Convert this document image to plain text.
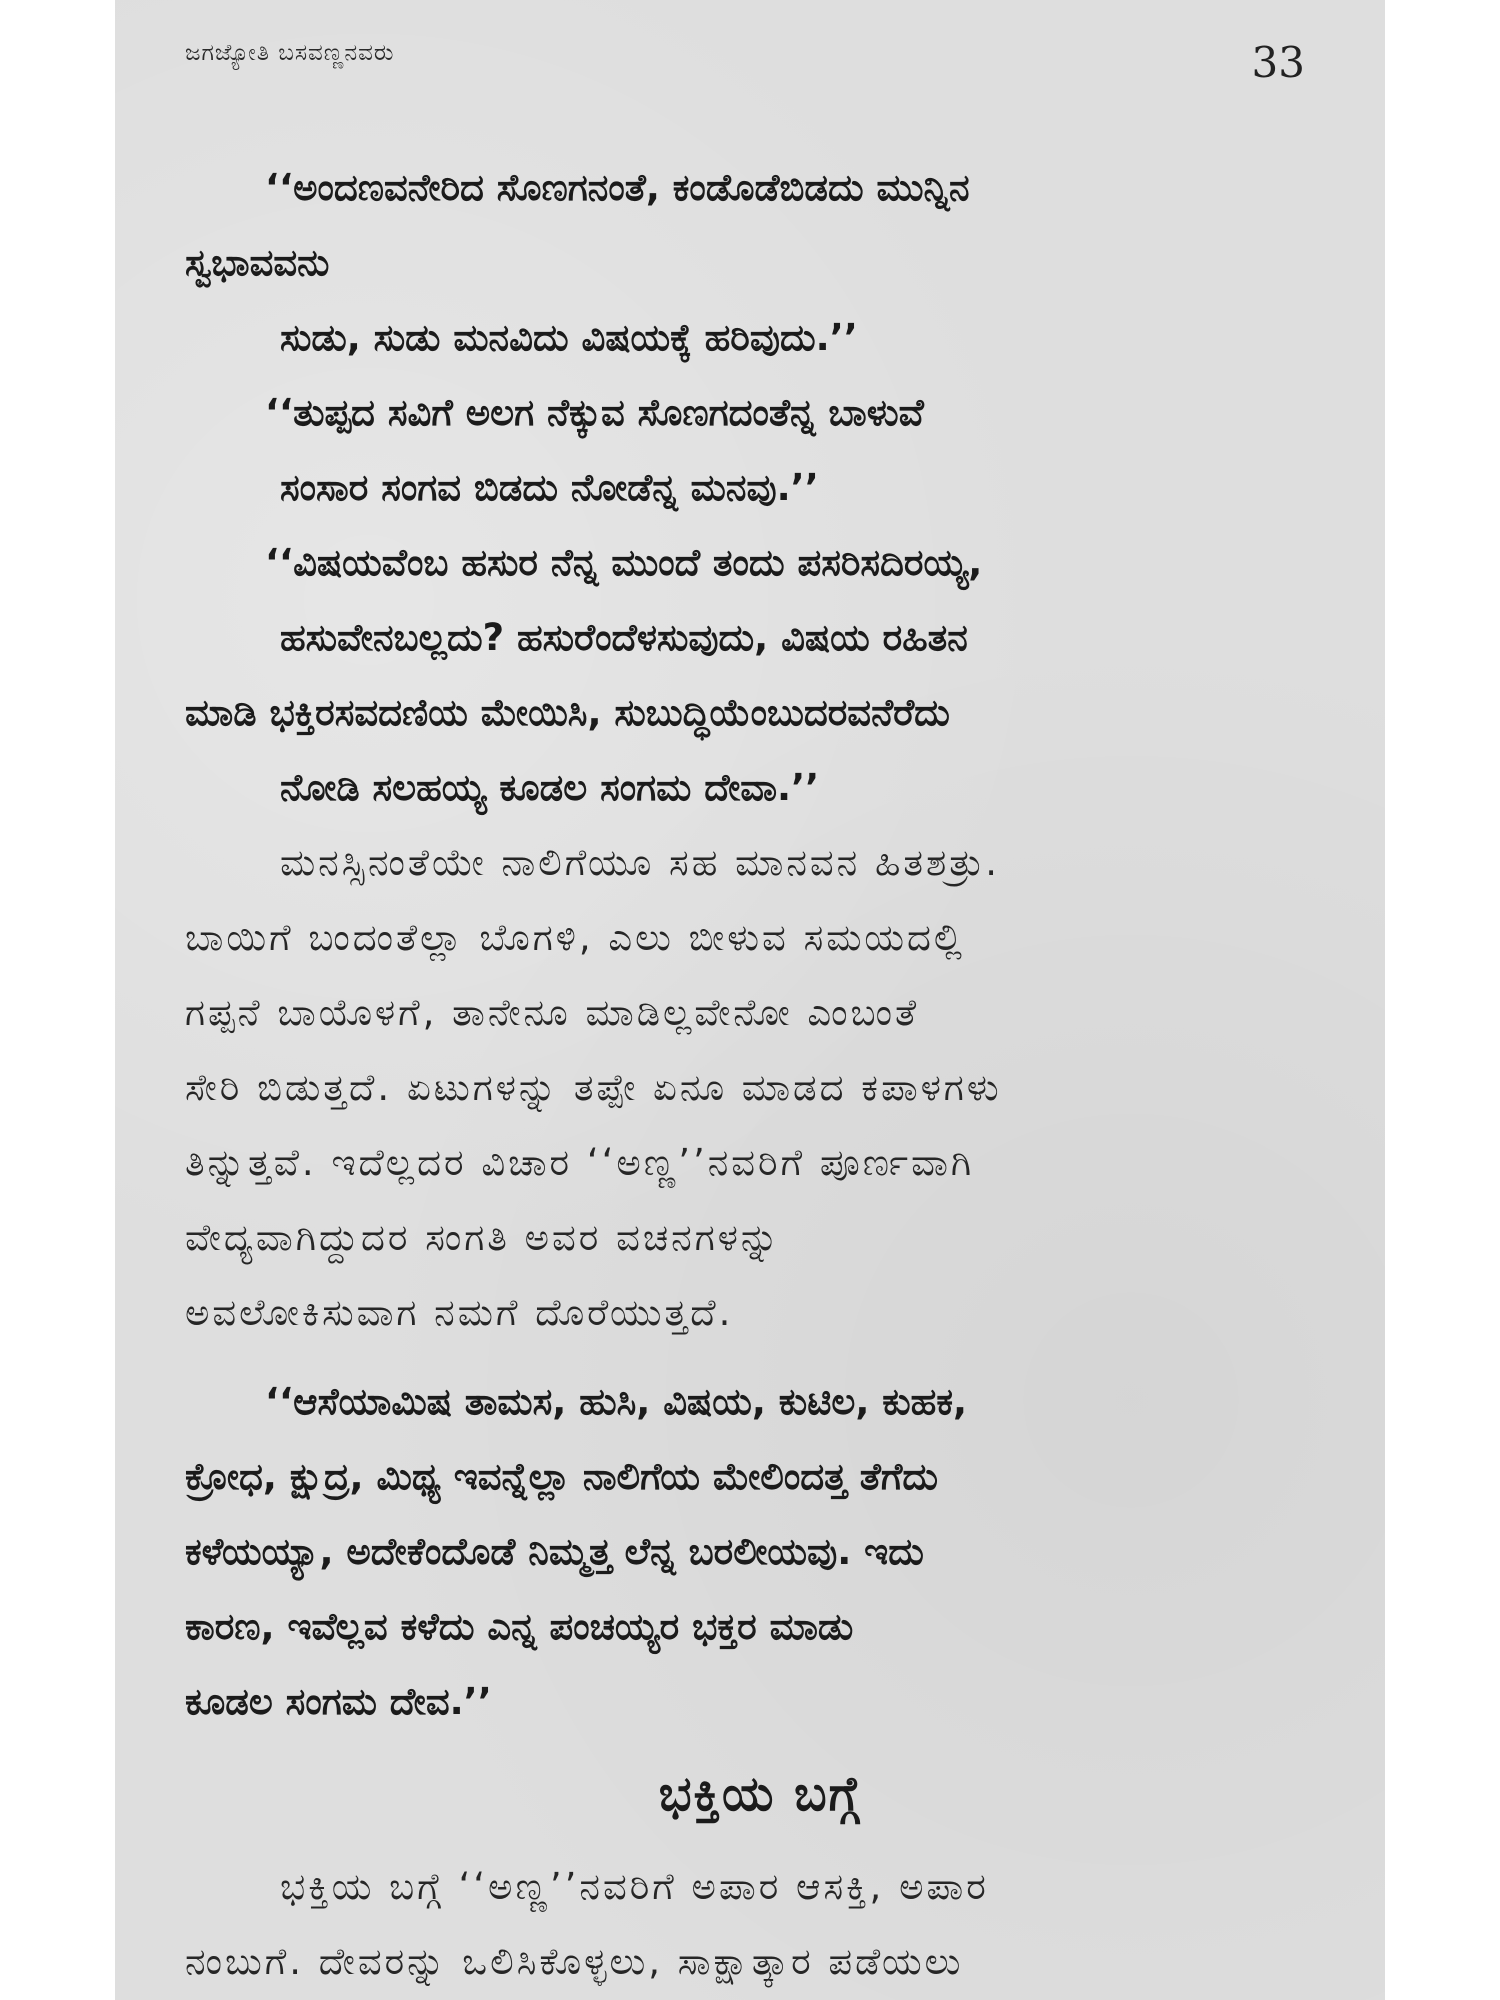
ಜಗಜ್ಯೋತಿ ಬಸವಣ್ಣನವರು	33
‘‘ಅಂದಣವನೇರಿದ ಸೊಣಗನಂತೆ, ಕಂಡೊಡೆಬಿಡದು ಮುನ್ನಿನ
ಸ್ವಭಾವವನು
ಸುಡು, ಸುಡು ಮನವಿದು ವಿಷಯಕ್ಕೆ ಹರಿವುದು.’’
‘‘ತುಪ್ಪದ ಸವಿಗೆ ಅಲಗ ನೆಕ್ಕುವ ಸೊಣಗದಂತೆನ್ನ ಬಾಳುವೆ
ಸಂಸಾರ ಸಂಗವ ಬಿಡದು ನೋಡೆನ್ನ ಮನವು.’’
‘‘ವಿಷಯವೆಂಬ ಹಸುರ ನೆನ್ನ ಮುಂದೆ ತಂದು ಪಸರಿಸದಿರಯ್ಯ,
ಹಸುವೇನಬಲ್ಲದು? ಹಸುರೆಂದೆಳಸುವುದು, ವಿಷಯ ರಹಿತನ
ಮಾಡಿ ಭಕ್ತಿರಸವದಣಿಯ ಮೇಯಿಸಿ, ಸುಬುದ್ಧಿಯೆಂಬುದರವನೆರೆದು
ನೋಡಿ ಸಲಹಯ್ಯ ಕೂಡಲ ಸಂಗಮ ದೇವಾ.’’
ಮನಸ್ಸಿನಂತೆಯೇ ನಾಲಿಗೆಯೂ ಸಹ ಮಾನವನ ಹಿತಶತ್ರು.
ಬಾಯಿಗೆ ಬಂದಂತೆಲ್ಲಾ ಬೊಗಳಿ, ಎಲು ಬೀಳುವ ಸಮಯದಲ್ಲಿ
ಗಪ್ಪನೆ ಬಾಯೊಳಗೆ, ತಾನೇನೂ ಮಾಡಿಲ್ಲವೇನೋ ಎಂಬಂತೆ
ಸೇರಿ ಬಿಡುತ್ತದೆ. ಏಟುಗಳನ್ನು ತಪ್ಪೇ ಏನೂ ಮಾಡದ ಕಪಾಳಗಳು
ತಿನ್ನುತ್ತವೆ. ಇದೆಲ್ಲದರ ವಿಚಾರ ‘‘ಅಣ್ಣ’’ನವರಿಗೆ ಪೂರ್ಣವಾಗಿ
ವೇದ್ಯವಾಗಿದ್ದುದರ ಸಂಗತಿ ಅವರ ವಚನಗಳನ್ನು
ಅವಲೋಕಿಸುವಾಗ ನಮಗೆ ದೊರೆಯುತ್ತದೆ.
‘‘ಆಸೆಯಾಮಿಷ ತಾಮಸ, ಹುಸಿ, ವಿಷಯ, ಕುಟಿಲ, ಕುಹಕ,
ಕ್ರೋಧ, ಕ್ಷುದ್ರ, ಮಿಥ್ಯ ಇವನ್ನೆಲ್ಲಾ ನಾಲಿಗೆಯ ಮೇಲಿಂದತ್ತ ತೆಗೆದು
ಕಳೆಯಯ್ಯಾ, ಅದೇಕೆಂದೊಡೆ ನಿಮ್ಮತ್ತ ಲೆನ್ನ ಬರಲೀಯವು. ಇದು
ಕಾರಣ, ಇವೆಲ್ಲವ ಕಳೆದು ಎನ್ನ ಪಂಚಯ್ಯರ ಭಕ್ತರ ಮಾಡು
ಕೂಡಲ ಸಂಗಮ ದೇವ.’’
ಭಕ್ತಿಯ ಬಗ್ಗೆ
ಭಕ್ತಿಯ ಬಗ್ಗೆ ‘‘ಅಣ್ಣ’’ನವರಿಗೆ ಅಪಾರ ಆಸಕ್ತಿ, ಅಪಾರ
ನಂಬುಗೆ. ದೇವರನ್ನು ಒಲಿಸಿಕೊಳ್ಳಲು, ಸಾಕ್ಷಾತ್ಕಾರ ಪಡೆಯಲು
